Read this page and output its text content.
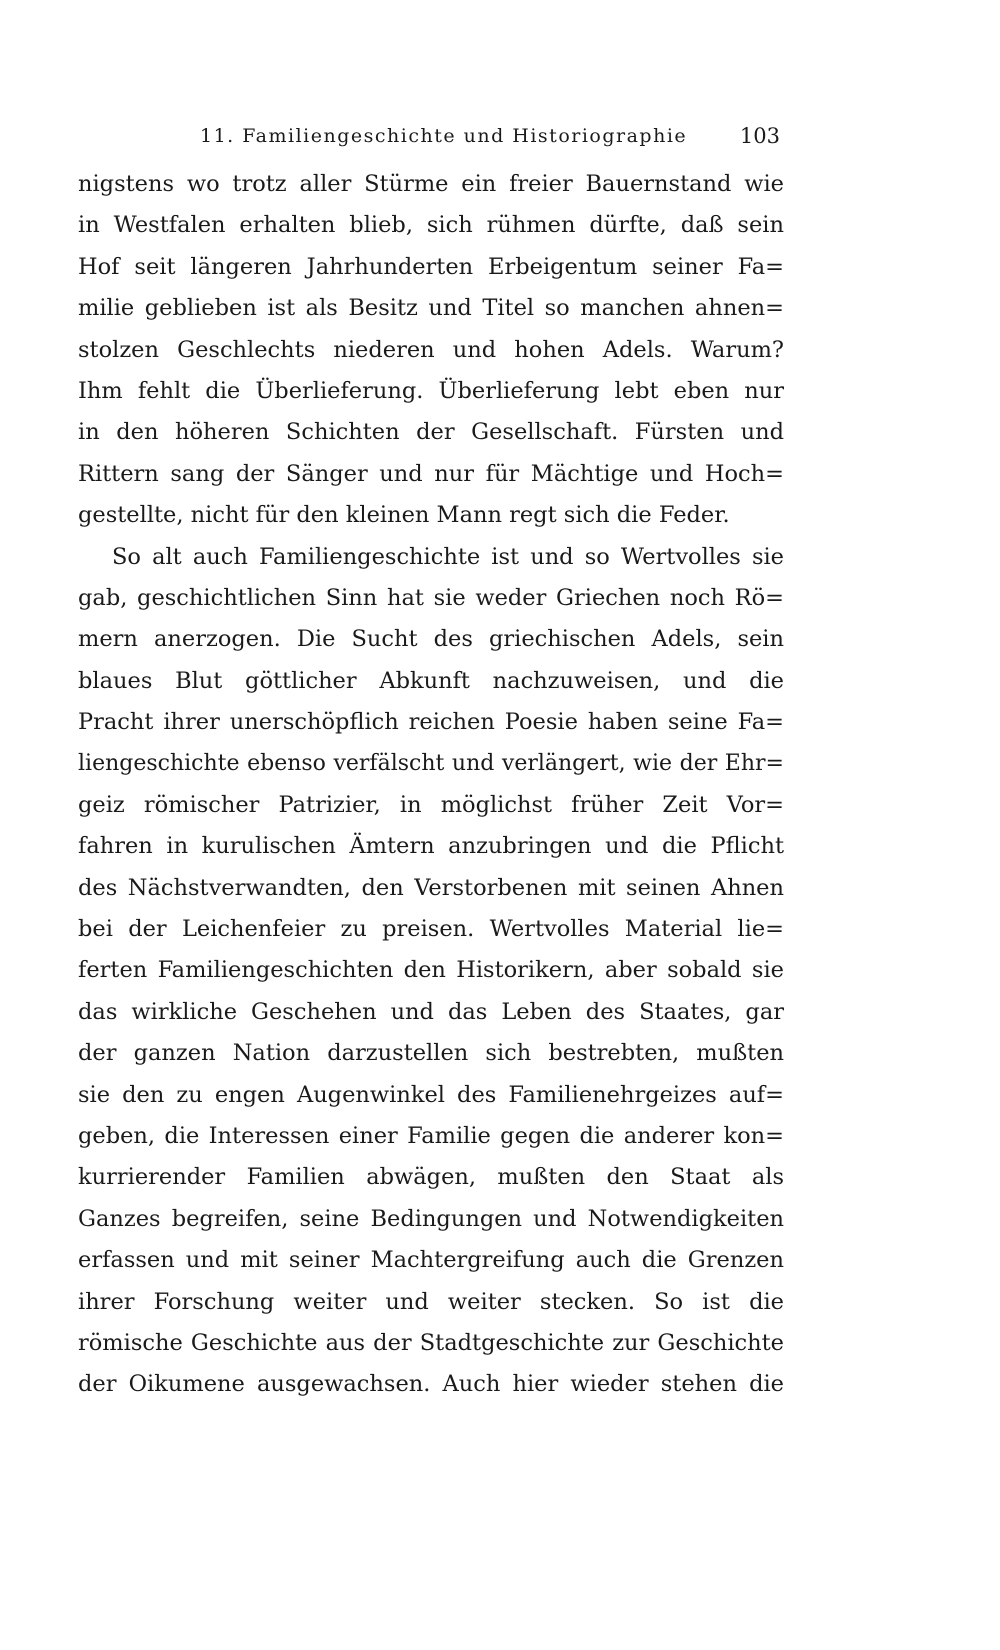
11. Familiengeschichte und Historiographie	103
nigstens wo trotz aller Stürme ein freier Bauernstand wie
in Westfalen erhalten blieb, sich rühmen dürfte, daß sein
Hof seit längeren Jahrhunderten Erbeigentum seiner Fa=
milie geblieben ist als Besitz und Titel so manchen ahnen=
stolzen Geschlechts niederen und hohen Adels. Warum?
Ihm fehlt die Überlieferung. Überlieferung lebt eben nur
in den höheren Schichten der Gesellschaft. Fürsten und
Rittern sang der Sänger und nur für Mächtige und Hoch=
gestellte, nicht für den kleinen Mann regt sich die Feder.
So alt auch Familiengeschichte ist und so Wertvolles sie
gab, geschichtlichen Sinn hat sie weder Griechen noch Rö=
mern anerzogen. Die Sucht des griechischen Adels, sein
blaues Blut göttlicher Abkunft nachzuweisen, und die
Pracht ihrer unerschöpflich reichen Poesie haben seine Fa=
liengeschichte ebenso verfälscht und verlängert, wie der Ehr=
geiz römischer Patrizier, in möglichst früher Zeit Vor=
fahren in kurulischen Ämtern anzubringen und die Pflicht
des Nächstverwandten, den Verstorbenen mit seinen Ahnen
bei der Leichenfeier zu preisen. Wertvolles Material lie=
ferten Familiengeschichten den Historikern, aber sobald sie
das wirkliche Geschehen und das Leben des Staates, gar
der ganzen Nation darzustellen sich bestrebten, mußten
sie den zu engen Augenwinkel des Familienehrgeizes auf=
geben, die Interessen einer Familie gegen die anderer kon=
kurrierender Familien abwägen, mußten den Staat als
Ganzes begreifen, seine Bedingungen und Notwendigkeiten
erfassen und mit seiner Machtergreifung auch die Grenzen
ihrer Forschung weiter und weiter stecken. So ist die
römische Geschichte aus der Stadtgeschichte zur Geschichte
der Oikumene ausgewachsen. Auch hier wieder stehen die
